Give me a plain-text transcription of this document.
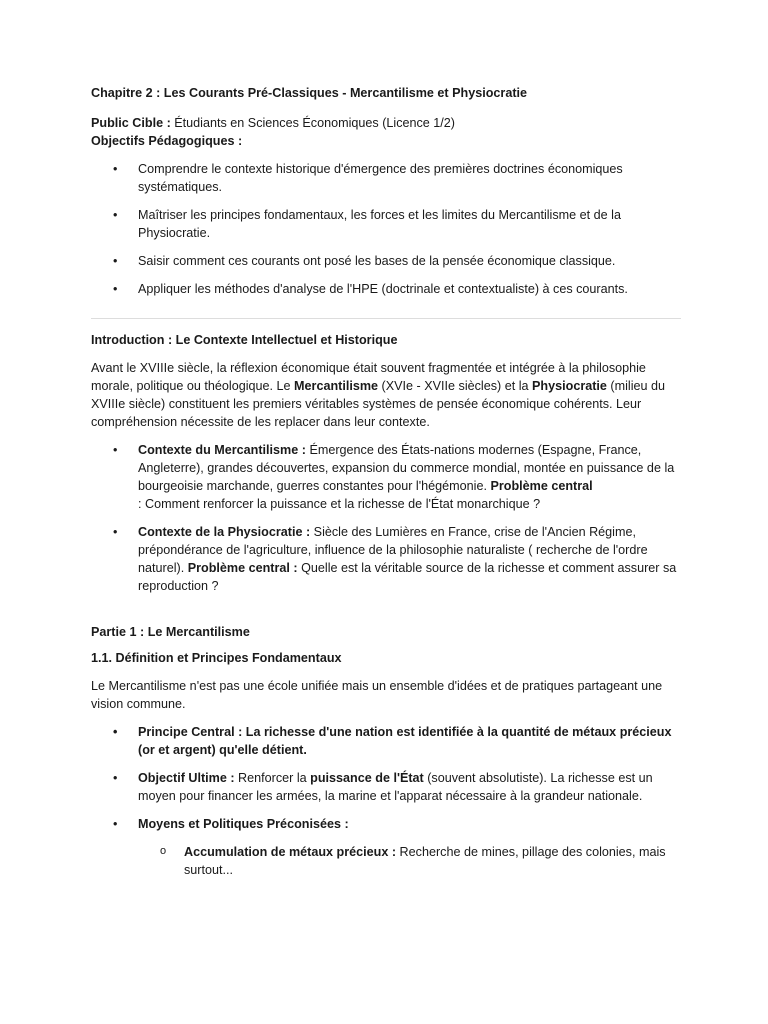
Chapitre 2 : Les Courants Pré-Classiques - Mercantilisme et Physiocratie

Public Cible : Étudiants en Sciences Économiques (Licence 1/2)

Objectifs Pédagogiques :
• Comprendre le contexte historique d'émergence des premières doctrines économiques systématiques.
• Maîtriser les principes fondamentaux, les forces et les limites du Mercantilisme et de la Physiocratie.
• Saisir comment ces courants ont posé les bases de la pensée économique classique.
• Appliquer les méthodes d'analyse de l'HPE (doctrinale et contextualiste) à ces courants.
Introduction : Le Contexte Intellectuel et Historique

Avant le XVIIIe siècle, la réflexion économique était souvent fragmentée et intégrée à la philosophie morale, politique ou théologique. Le Mercantilisme (XVIe - XVIIe siècles) et la Physiocratie (milieu du XVIIIe siècle) constituent les premiers véritables systèmes de pensée économique cohérents. Leur compréhension nécessite de les replacer dans leur contexte.

• Contexte du Mercantilisme : Émergence des États-nations modernes (Espagne, France, Angleterre), grandes découvertes, expansion du commerce mondial, montée en puissance de la bourgeoisie marchande, guerres constantes pour l'hégémonie. Problème central
: Comment renforcer la puissance et la richesse de l'État monarchique ?
• Contexte de la Physiocratie : Siècle des Lumières en France, crise de l'Ancien Régime, prépondérance de l'agriculture, influence de la philosophie naturaliste ( recherche de l'ordre naturel). Problème central : Quelle est la véritable source de la richesse et comment assurer sa reproduction ?
Partie 1 : Le Mercantilisme
1.1. Définition et Principes Fondamentaux

Le Mercantilisme n'est pas une école unifiée mais un ensemble d'idées et de pratiques partageant une vision commune.

• Principe Central : La richesse d'une nation est identifiée à la quantité de métaux précieux (or et argent) qu'elle détient.
• Objectif Ultime : Renforcer la puissance de l'État (souvent absolutiste). La richesse est un moyen pour financer les armées, la marine et l'apparat nécessaire à la grandeur nationale.
• Moyens et Politiques Préconisées :
o Accumulation de métaux précieux : Recherche de mines, pillage des colonies, mais surtout...
